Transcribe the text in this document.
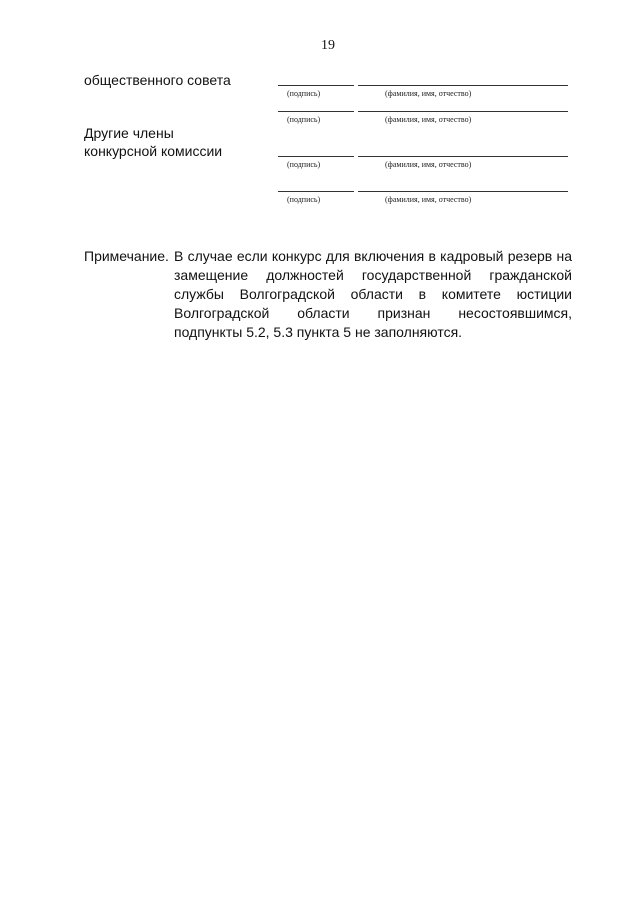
19
общественного совета
(подпись)	(фамилия, имя, отчество)
(подпись)	(фамилия, имя, отчество)
Другие члены
конкурсной комиссии
(подпись)	(фамилия, имя, отчество)
(подпись)	(фамилия, имя, отчество)
Примечание. В случае если конкурс для включения в кадровый резерв на замещение должностей государственной гражданской службы Волгоградской области в комитете юстиции Волгоградской области признан несостоявшимся, подпункты 5.2, 5.3 пункта 5 не заполняются.
